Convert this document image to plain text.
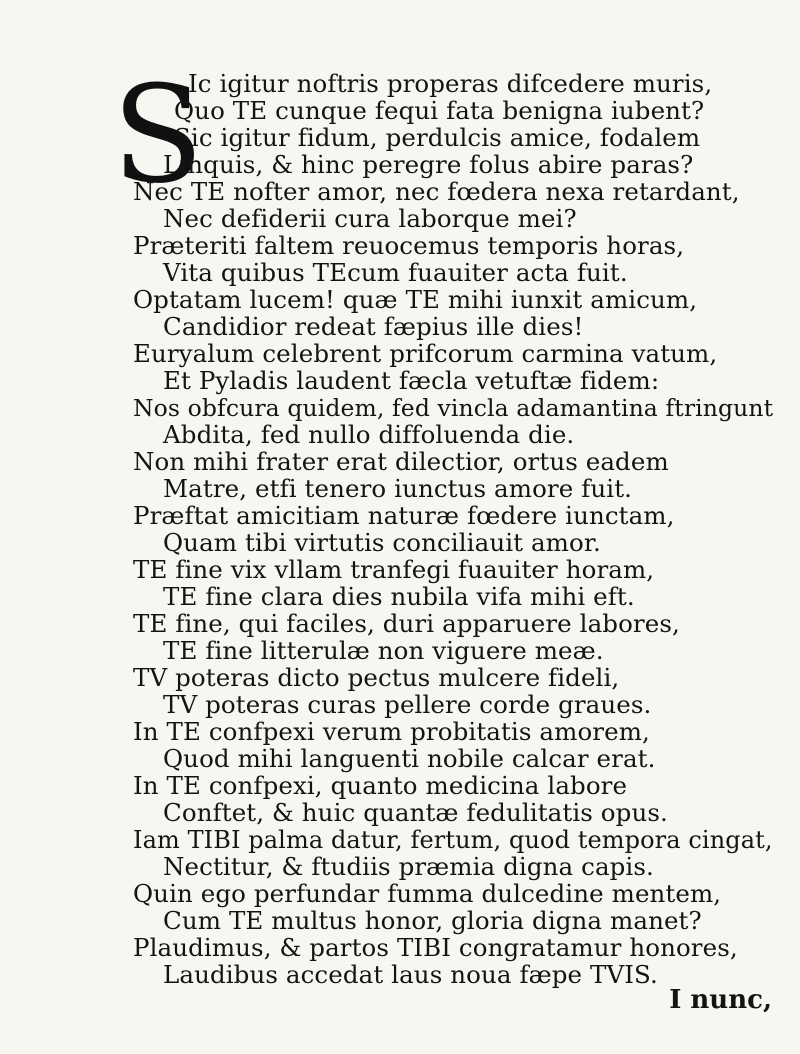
S
Ic igitur noftris properas difcedere muris,
Quo TE cunque fequi fata benigna iubent?
Sic igitur fidum, perdulcis amice, fodalem
Linquis, & hinc peregre folus abire paras?
Nec TE nofter amor, nec fœdera nexa retardant,
Nec defiderii cura laborque mei?
Præteriti faltem reuocemus temporis horas,
Vita quibus TEcum fuauiter acta fuit.
Optatam lucem! quæ TE mihi iunxit amicum,
Candidior redeat fæpius ille dies!
Euryalum celebrent prifcorum carmina vatum,
Et Pyladis laudent fæcla vetuftæ fidem:
Nos obfcura quidem, fed vincla adamantina ftringunt
Abdita, fed nullo diffoluenda die.
Non mihi frater erat dilectior, ortus eadem
Matre, etfi tenero iunctus amore fuit.
Præftat amicitiam naturæ fœdere iunctam,
Quam tibi virtutis conciliauit amor.
TE fine vix vllam tranfegi fuauiter horam,
TE fine clara dies nubila vifa mihi eft.
TE fine, qui faciles, duri apparuere labores,
TE fine litterulæ non viguere meæ.
TV poteras dicto pectus mulcere fideli,
TV poteras curas pellere corde graues.
In TE confpexi verum probitatis amorem,
Quod mihi languenti nobile calcar erat.
In TE confpexi, quanto medicina labore
Conftet, & huic quantæ fedulitatis opus.
Iam TIBI palma datur, fertum, quod tempora cingat,
Nectitur, & ftudiis præmia digna capis.
Quin ego perfundar fumma dulcedine mentem,
Cum TE multus honor, gloria digna manet?
Plaudimus, & partos TIBI congratamur honores,
Laudibus accedat laus noua fæpe TVIS.
I nunc,
